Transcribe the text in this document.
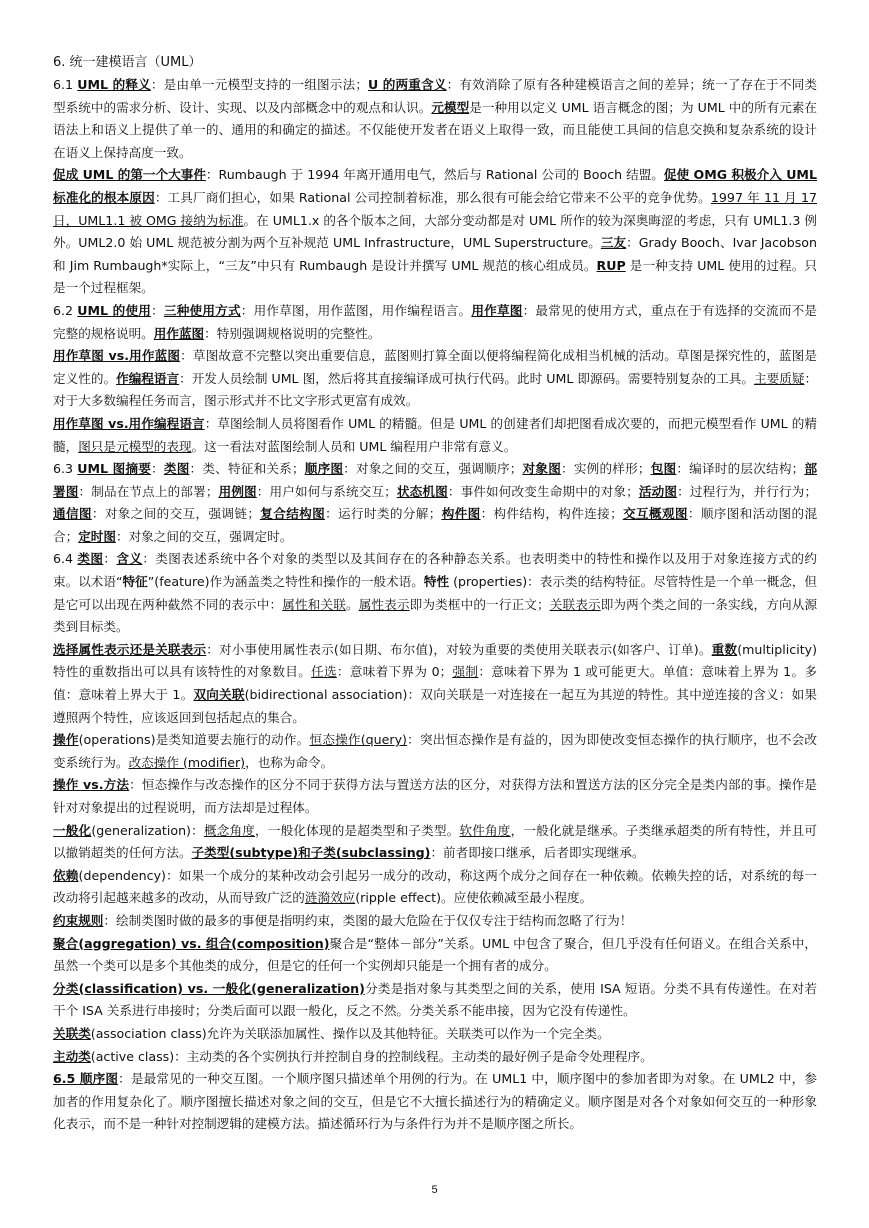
6. 统一建模语言（UML）

6.1 UML 的释义：是由单一元模型支持的一组图示法；U 的两重含义：有效消除了原有各种建模语言之间的差异；统一了存在于不同类型系统中的需求分析、设计、实现、以及内部概念中的观点和认识。元模型是一种用以定义 UML 语言概念的图；为 UML 中的所有元素在语法上和语义上提供了单一的、通用的和确定的描述。不仅能使开发者在语义上取得一致，而且能使工具间的信息交换和复杂系统的设计在语义上保持高度一致。

促成 UML 的第一个大事件：Rumbaugh 于 1994 年离开通用电气，然后与 Rational 公司的 Booch 结盟。促使 OMG 积极介入 UML 标准化的根本原因：工具厂商们担心，如果 Rational 公司控制着标准，那么很有可能会给它带来不公平的竞争优势。1997 年 11 月 17 日，UML1.1 被 OMG 接纳为标准。在 UML1.x 的各个版本之间，大部分变动都是对 UML 所作的较为深奥晦涩的考虑，只有 UML1.3 例外。UML2.0 始 UML 规范被分割为两个互补规范 UML Infrastructure，UML Superstructure。三友：Grady Booch、Ivar Jacobson 和 Jim Rumbaugh*实际上，“三友”中只有 Rumbaugh 是设计并撰写 UML 规范的核心组成员。RUP 是一种支持 UML 使用的过程。只是一个过程框架。

6.2 UML 的使用：三种使用方式：用作草图，用作蓝图，用作编程语言。用作草图：最常见的使用方式，重点在于有选择的交流而不是完整的规格说明。用作蓝图：特别强调规格说明的完整性。

用作草图 vs.用作蓝图：草图故意不完整以突出重要信息，蓝图则打算全面以便将编程简化成相当机械的活动。草图是探究性的，蓝图是定义性的。作编程语言：开发人员绘制 UML 图，然后将其直接编译成可执行代码。此时 UML 即源码。需要特别复杂的工具。主要质疑：对于大多数编程任务而言，图示形式并不比文字形式更富有成效。

用作草图 vs.用作编程语言：草图绘制人员将图看作 UML 的精髓。但是 UML 的创建者们却把图看成次要的，而把元模型看作 UML 的精髓，图只是元模型的表现。这一看法对蓝图绘制人员和 UML 编程用户非常有意义。

6.3 UML 图摘要：类图：类、特征和关系；顺序图：对象之间的交互，强调顺序；对象图：实例的样形；包图：编译时的层次结构；部署图：制品在节点上的部署；用例图：用户如何与系统交互；状态机图：事件如何改变生命期中的对象；活动图：过程行为，并行行为；通信图：对象之间的交互，强调链；复合结构图：运行时类的分解；构件图：构件结构，构件连接；交互概观图：顺序图和活动图的混合；定时图：对象之间的交互，强调定时。

6.4 类图：含义：类图表述系统中各个对象的类型以及其间存在的各种静态关系。也表明类中的特性和操作以及用于对象连接方式的约束。以术语“特征”(feature)作为涵盖类之特性和操作的一般术语。特性 (properties)：表示类的结构特征。尽管特性是一个单一概念，但是它可以出现在两种截然不同的表示中：属性和关联。属性表示即为类框中的一行正文；关联表示即为两个类之间的一条实线，方向从源类到目标类。

选择属性表示还是关联表示：对小事使用属性表示(如日期、布尔值)，对较为重要的类使用关联表示(如客户、订单)。重数(multiplicity)特性的重数指出可以具有该特性的对象数目。任选：意味着下界为 0；强制：意味着下界为 1 或可能更大。单值：意味着上界为 1。多值：意味着上界大于 1。双向关联(bidirectional association)：双向关联是一对连接在一起互为其逆的特性。其中逆连接的含义：如果遵照两个特性，应该返回到包括起点的集合。

操作(operations)是类知道要去施行的动作。恒态操作(query)：突出恒态操作是有益的，因为即使改变恒态操作的执行顺序，也不会改变系统行为。改态操作 (modifier)，也称为命令。

操作 vs.方法：恒态操作与改态操作的区分不同于获得方法与置送方法的区分，对获得方法和置送方法的区分完全是类内部的事。操作是针对对象提出的过程说明，而方法却是过程体。

一般化(generalization)：概念角度，一般化体现的是超类型和子类型。软件角度，一般化就是继承。子类继承超类的所有特性，并且可以撤销超类的任何方法。子类型(subtype)和子类(subclassing)：前者即接口继承，后者即实现继承。

依赖(dependency)：如果一个成分的某种改动会引起另一成分的改动，称这两个成分之间存在一种依赖。依赖失控的话，对系统的每一改动将引起越来越多的改动，从而导致广泛的涟漪效应(ripple effect)。应使依赖减至最小程度。

约束规则：绘制类图时做的最多的事便是指明约束，类图的最大危险在于仅仅专注于结构而忽略了行为！

聚合(aggregation) vs. 组合(composition)聚合是“整体－部分”关系。UML 中包含了聚合，但几乎没有任何语义。在组合关系中，虽然一个类可以是多个其他类的成分，但是它的任何一个实例却只能是一个拥有者的成分。

分类(classification) vs. 一般化(generalization)分类是指对象与其类型之间的关系，使用 ISA 短语。分类不具有传递性。在对若干个 ISA 关系进行串接时；分类后面可以跟一般化，反之不然。分类关系不能串接，因为它没有传递性。

关联类(association class)允许为关联添加属性、操作以及其他特征。关联类可以作为一个完全类。

主动类(active class)：主动类的各个实例执行并控制自身的控制线程。主动类的最好例子是命令处理程序。

6.5 顺序图：是最常见的一种交互图。一个顺序图只描述单个用例的行为。在 UML1 中，顺序图中的参加者即为对象。在 UML2 中，参加者的作用复杂化了。顺序图擅长描述对象之间的交互，但是它不大擅长描述行为的精确定义。顺序图是对各个对象如何交互的一种形象化表示，而不是一种针对控制逻辑的建模方法。描述循环行为与条件行为并不是顺序图之所长。

5
